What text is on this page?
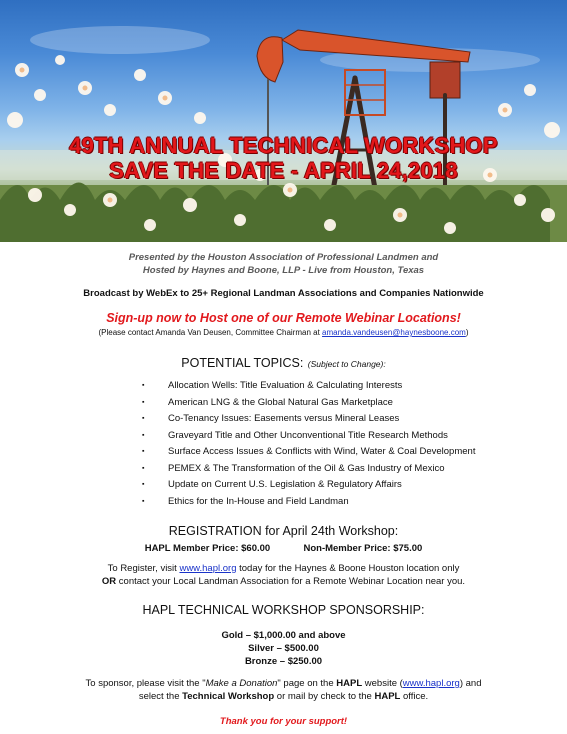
49TH ANNUAL TECHNICAL WORKSHOP
SAVE THE DATE - APRIL 24,2018
Presented by the Houston Association of Professional Landmen and
Hosted by Haynes and Boone, LLP - Live from Houston, Texas
Broadcast by WebEx to 25+ Regional Landman Associations and Companies Nationwide
Sign-up now to Host one of our Remote Webinar Locations!
(Please contact Amanda Van Deusen, Committee Chairman at amanda.vandeusen@haynesboone.com)
POTENTIAL TOPICS: (Subject to Change):
▪ Allocation Wells: Title Evaluation & Calculating Interests
▪ American LNG & the Global Natural Gas Marketplace
▪ Co-Tenancy Issues: Easements versus Mineral Leases
▪ Graveyard Title and Other Unconventional Title Research Methods
▪ Surface Access Issues & Conflicts with Wind, Water & Coal Development
▪ PEMEX & The Transformation of the Oil & Gas Industry of Mexico
▪ Update on Current U.S. Legislation & Regulatory Affairs
▪ Ethics for the In-House and Field Landman
REGISTRATION for April 24th Workshop:
HAPL Member Price: $60.00	Non-Member Price: $75.00
To Register, visit www.hapl.org today for the Haynes & Boone Houston location only
OR contact your Local Landman Association for a Remote Webinar Location near you.
HAPL TECHNICAL WORKSHOP SPONSORSHIP:
Gold – $1,000.00 and above
Silver – $500.00
Bronze – $250.00
To sponsor, please visit the "Make a Donation" page on the HAPL website (www.hapl.org) and
select the Technical Workshop or mail by check to the HAPL office.
Thank you for your support!
